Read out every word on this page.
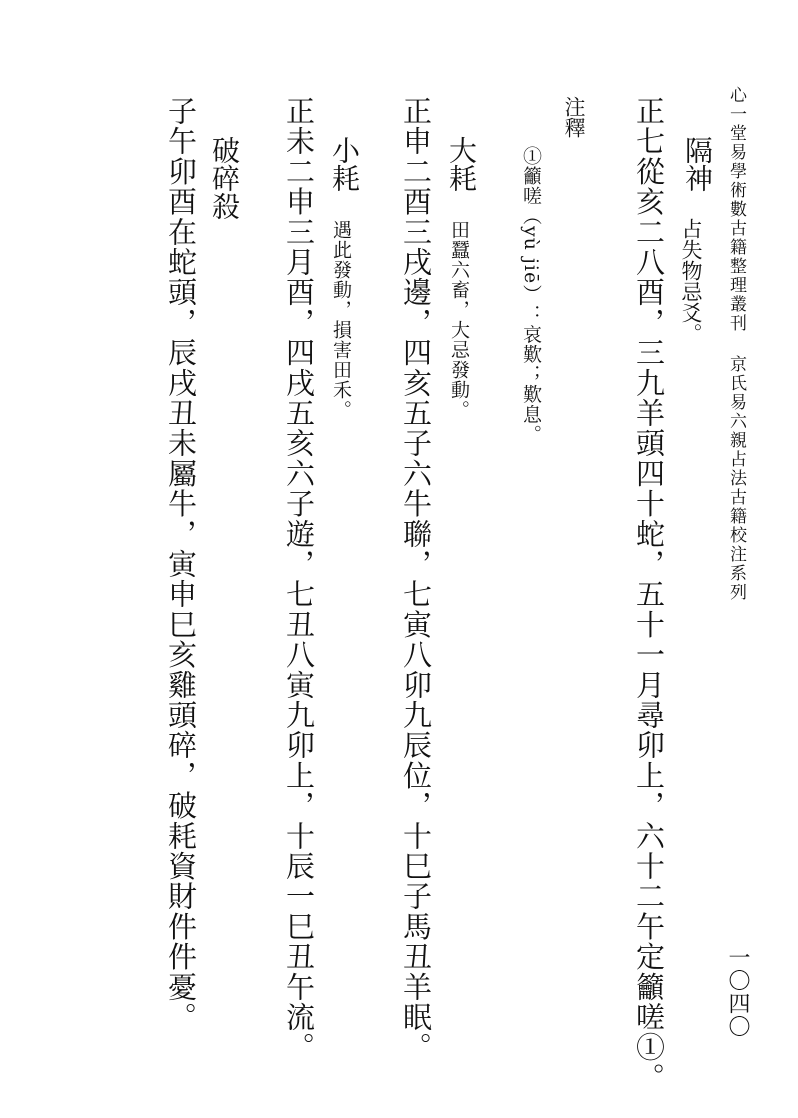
心一堂易學術數古籍整理叢刊京氏易六親占法古籍校注系列
一〇四〇
隔神
占失物忌爻。
正七從亥二八酉，三九羊頭四十蛇，五十一月尋卯上，六十二午定籲嗟①。
注釋
①籲嗟（yù jiē）：哀歎；歎息。
大耗
田蠶六畜，大忌發動。
正申二酉三戌邊，四亥五子六牛聯，七寅八卯九辰位，十巳子馬丑羊眠。
小耗
遇此發動，損害田禾。
正未二申三月酉，四戌五亥六子遊，七丑八寅九卯上，十辰一巳丑午流。
破碎殺
子午卯酉在蛇頭，辰戌丑未屬牛，寅申巳亥雞頭碎，破耗資財件件憂。
